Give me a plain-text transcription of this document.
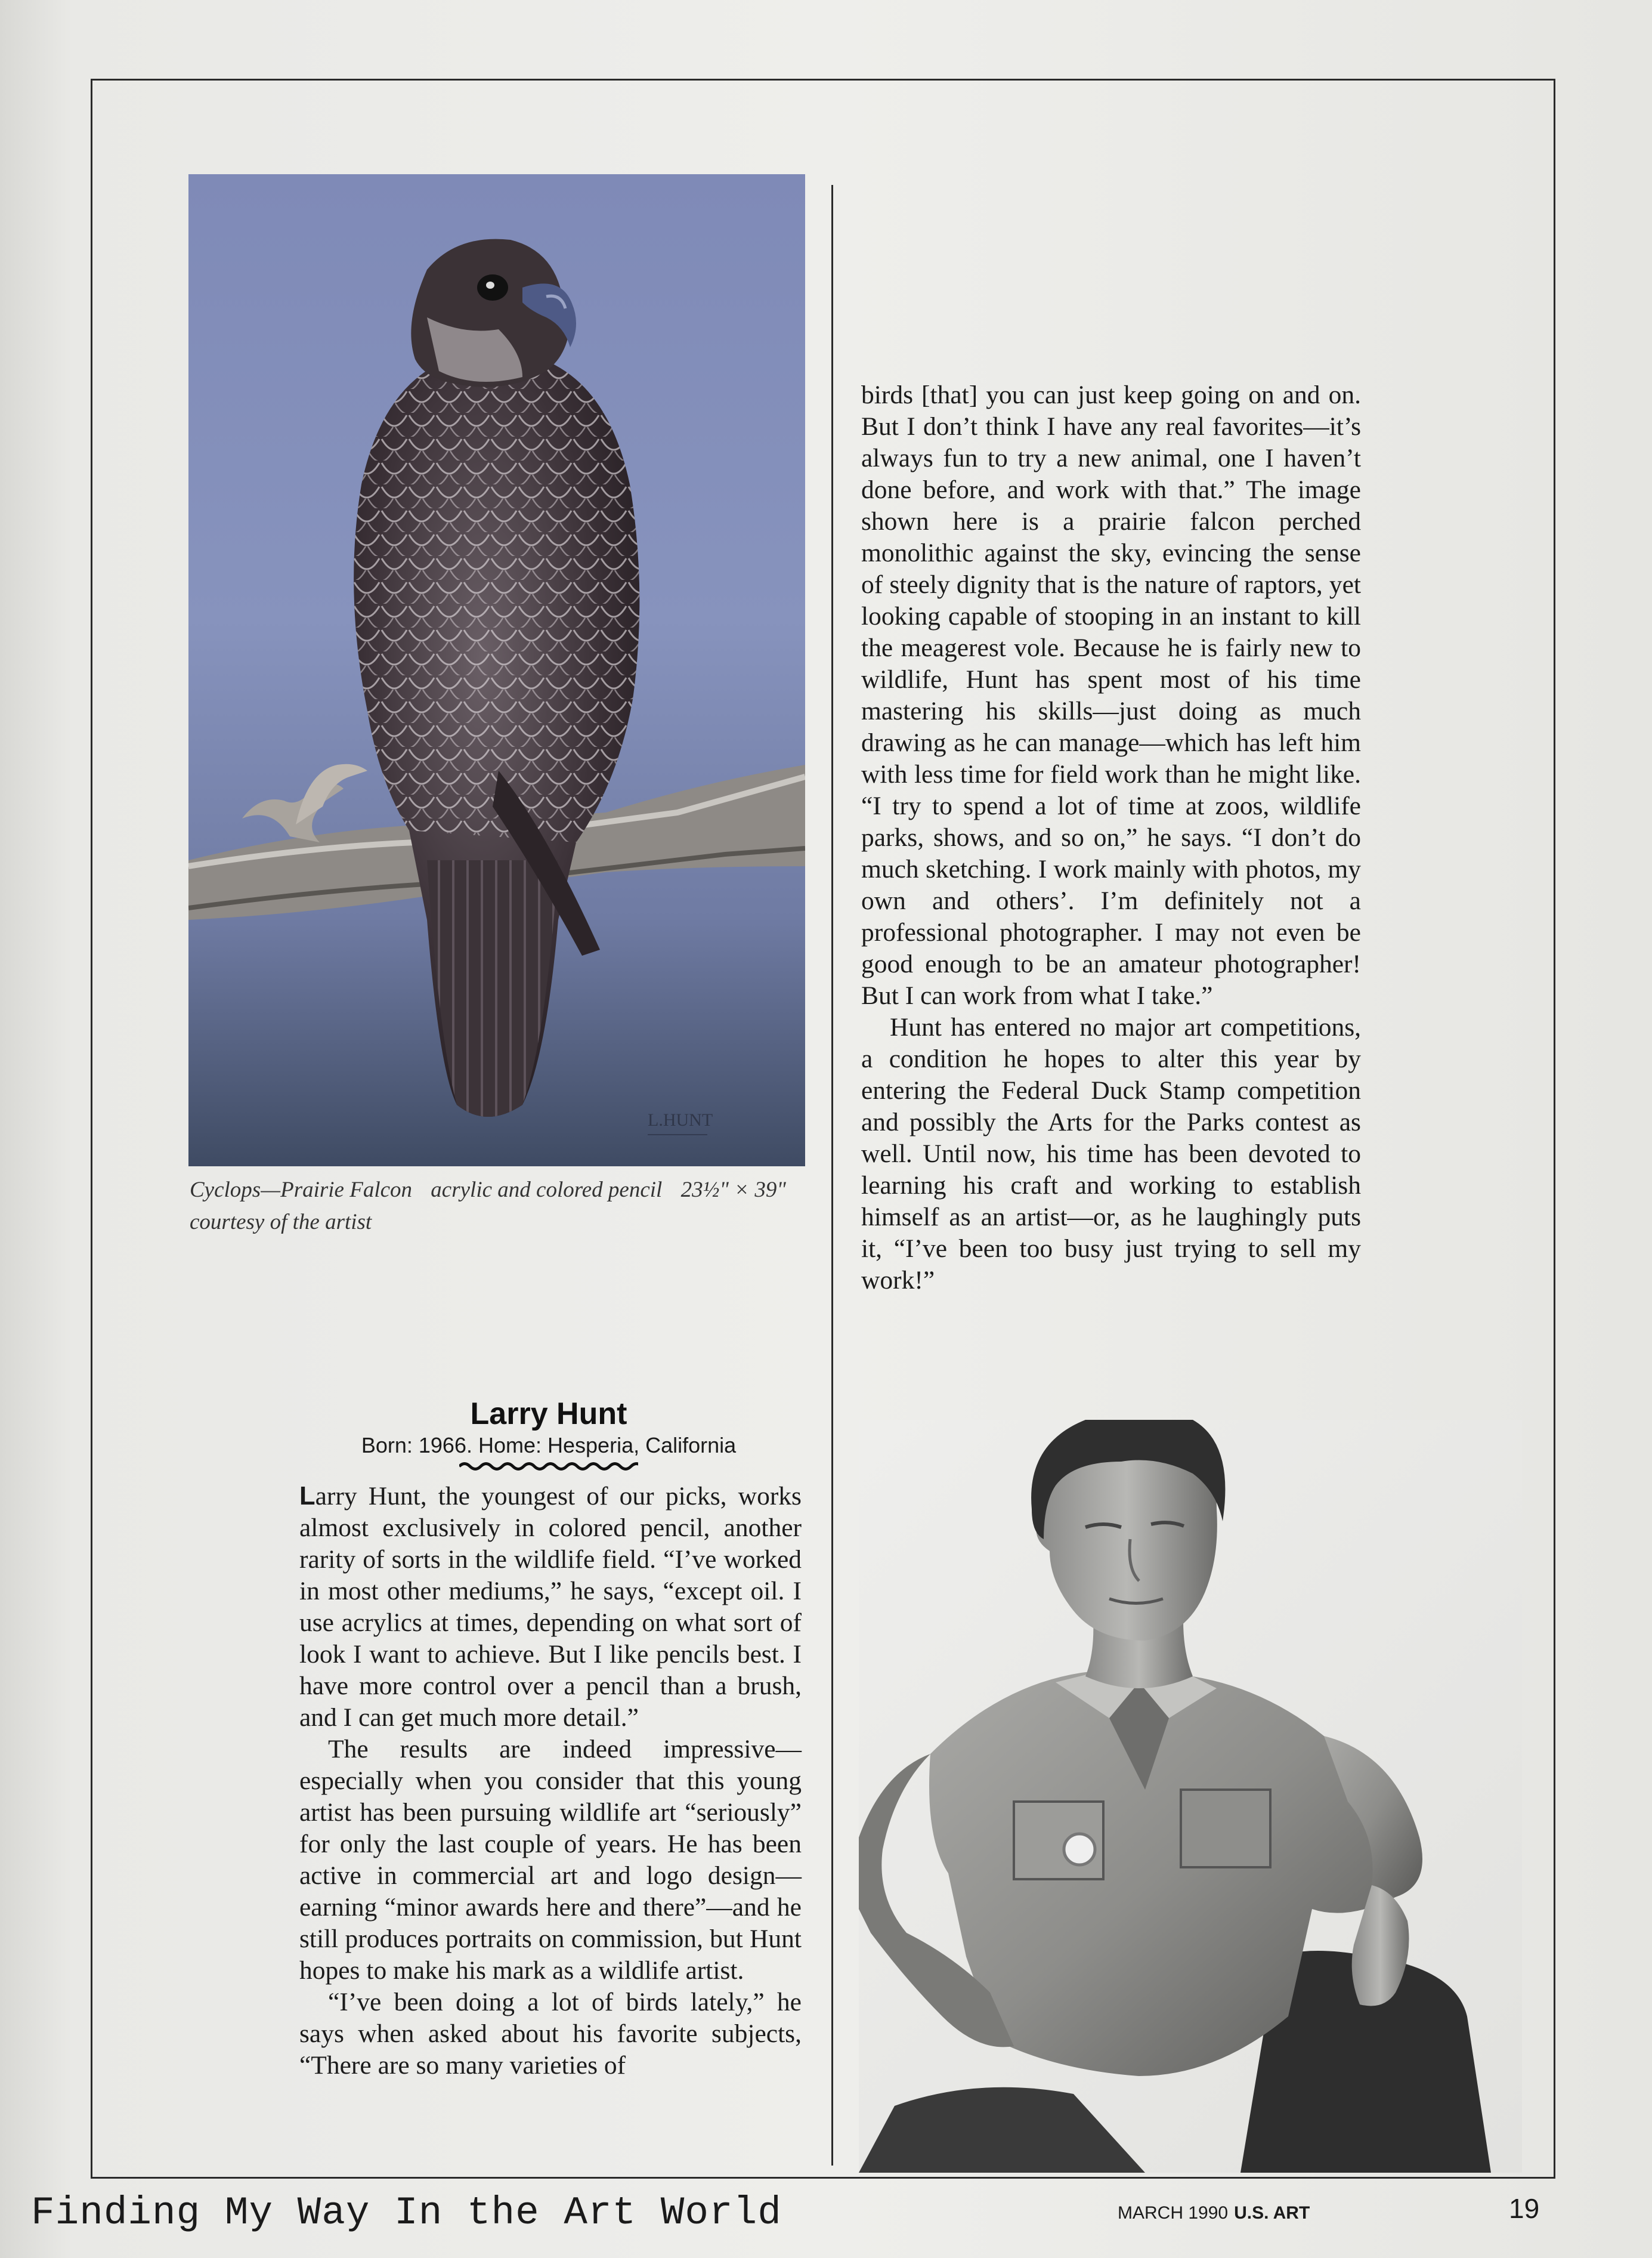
L.HUNT
Cyclops—Prairie Falcon acrylic and colored pencil 23½" × 39"
courtesy of the artist
Larry Hunt
Born: 1966. Home: Hesperia, California

Larry Hunt, the youngest of our picks, works almost exclusively in colored pencil, another rarity of sorts in the wildlife field. “I’ve worked in most other mediums,” he says, “except oil. I use acrylics at times, depending on what sort of look I want to achieve. But I like pencils best. I have more control over a pencil than a brush, and I can get much more detail.”

The results are indeed impressive—especially when you consider that this young artist has been pursuing wildlife art “seriously” for only the last couple of years. He has been active in commercial art and logo design—earning “minor awards here and there”—and he still produces portraits on commission, but Hunt hopes to make his mark as a wildlife artist.

“I’ve been doing a lot of birds lately,” he says when asked about his favorite subjects, “There are so many varieties of

birds [that] you can just keep going on and on. But I don’t think I have any real favorites—it’s always fun to try a new animal, one I haven’t done before, and work with that.” The image shown here is a prairie falcon perched monolithic against the sky, evincing the sense of steely dignity that is the nature of raptors, yet looking capable of stooping in an instant to kill the meagerest vole. Because he is fairly new to wildlife, Hunt has spent most of his time mastering his skills—just doing as much drawing as he can manage—which has left him with less time for field work than he might like. “I try to spend a lot of time at zoos, wildlife parks, shows, and so on,” he says. “I don’t do much sketching. I work mainly with photos, my own and others’. I’m definitely not a professional photographer. I may not even be good enough to be an amateur photographer! But I can work from what I take.”

Hunt has entered no major art competitions, a condition he hopes to alter this year by entering the Federal Duck Stamp competition and possibly the Arts for the Parks contest as well. Until now, his time has been devoted to learning his craft and working to establish himself as an artist—or, as he laughingly puts it, “I’ve been too busy just trying to sell my work!”

Finding My Way In the Art World	MARCH 1990 U.S. ART	19
